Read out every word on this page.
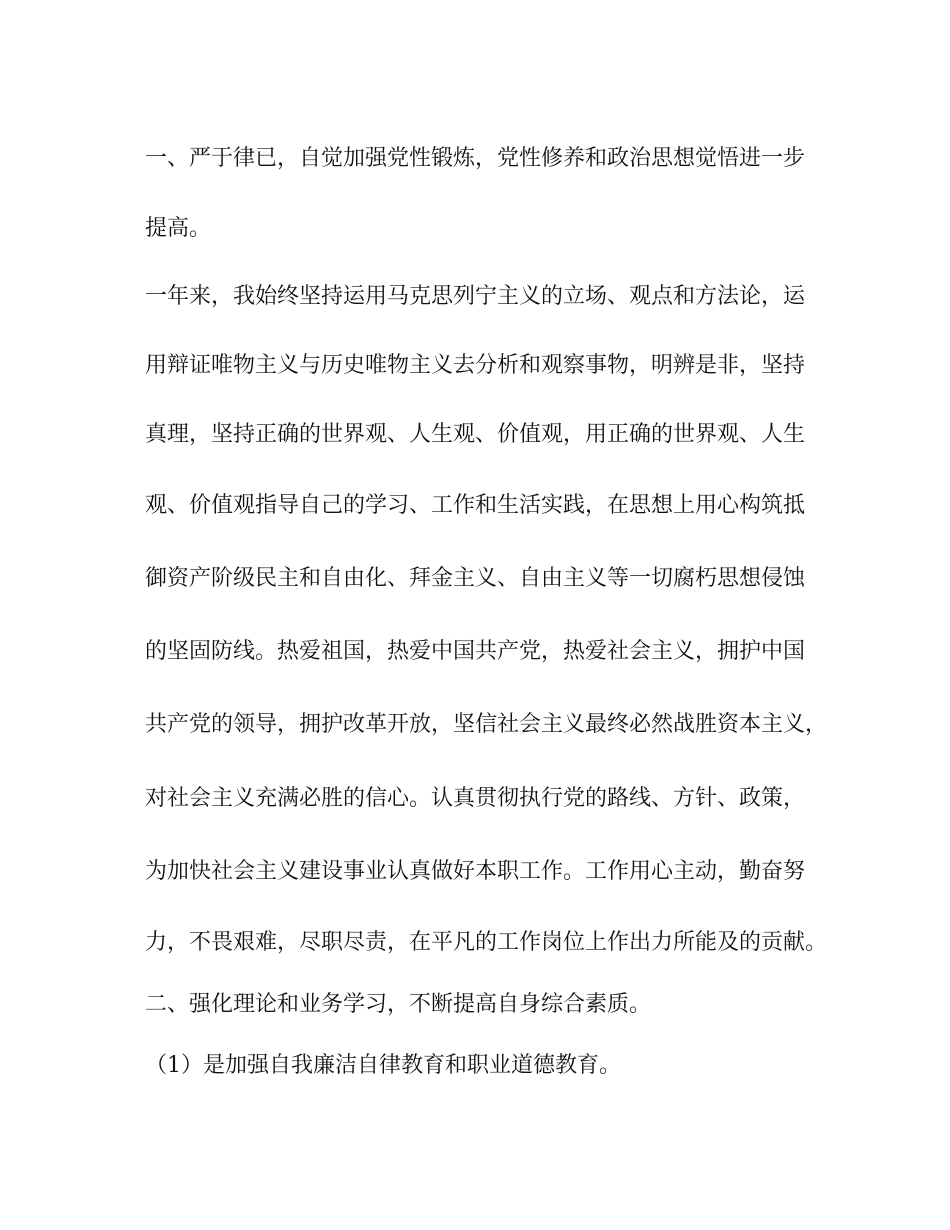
一、严于律已，自觉加强党性锻炼，党性修养和政治思想觉悟进一步

提高。

一年来，我始终坚持运用马克思列宁主义的立场、观点和方法论，运

用辩证唯物主义与历史唯物主义去分析和观察事物，明辨是非，坚持

真理，坚持正确的世界观、人生观、价值观，用正确的世界观、人生

观、价值观指导自己的学习、工作和生活实践，在思想上用心构筑抵

御资产阶级民主和自由化、拜金主义、自由主义等一切腐朽思想侵蚀

的坚固防线。热爱祖国，热爱中国共产党，热爱社会主义，拥护中国

共产党的领导，拥护改革开放，坚信社会主义最终必然战胜资本主义，

对社会主义充满必胜的信心。认真贯彻执行党的路线、方针、政策，

为加快社会主义建设事业认真做好本职工作。工作用心主动，勤奋努

力，不畏艰难，尽职尽责，在平凡的工作岗位上作出力所能及的贡献。

二、强化理论和业务学习，不断提高自身综合素质。

（1）是加强自我廉洁自律教育和职业道德教育。
